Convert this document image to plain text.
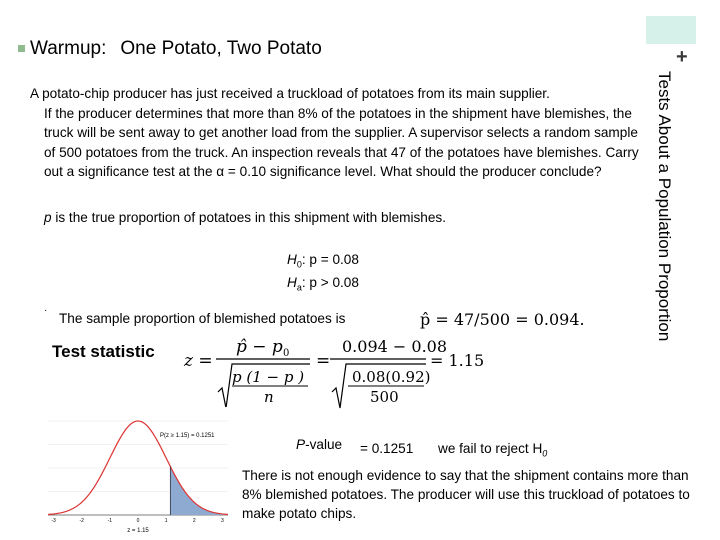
Warmup: One Potato, Two Potato	+
Tests About a Population Proportion

A potato-chip producer has just received a truckload of potatoes from its main supplier.

If the producer determines that more than 8% of the potatoes in the shipment have blemishes, the truck will be sent away to get another load from the supplier. A supervisor selects a random sample of 500 potatoes from the truck. An inspection reveals that 47 of the potatoes have blemishes. Carry out a significance test at the α = 0.10 significance level. What should the producer conclude?

p is the true proportion of potatoes in this shipment with blemishes.
$H_0$: p = 0.08
$H_a$: p > 0.08
·
The sample proportion of blemished potatoes is	p̂ = 47/500 = 0.094.
Test statistic z =
p̂ − p 0
p (1 − p )
n
=
0.094 − 0.08
0.08(0.92)
500
= 1.15
P(z ≥ 1.15) = 0.1251
-3	-2	-1	0	1	2	3
z = 1.15
P-value = 0.1251 we fail to reject $H_0$
There is not enough evidence to say that the shipment contains more than 8% blemished potatoes. The producer will use this truckload of potatoes to make potato chips.
